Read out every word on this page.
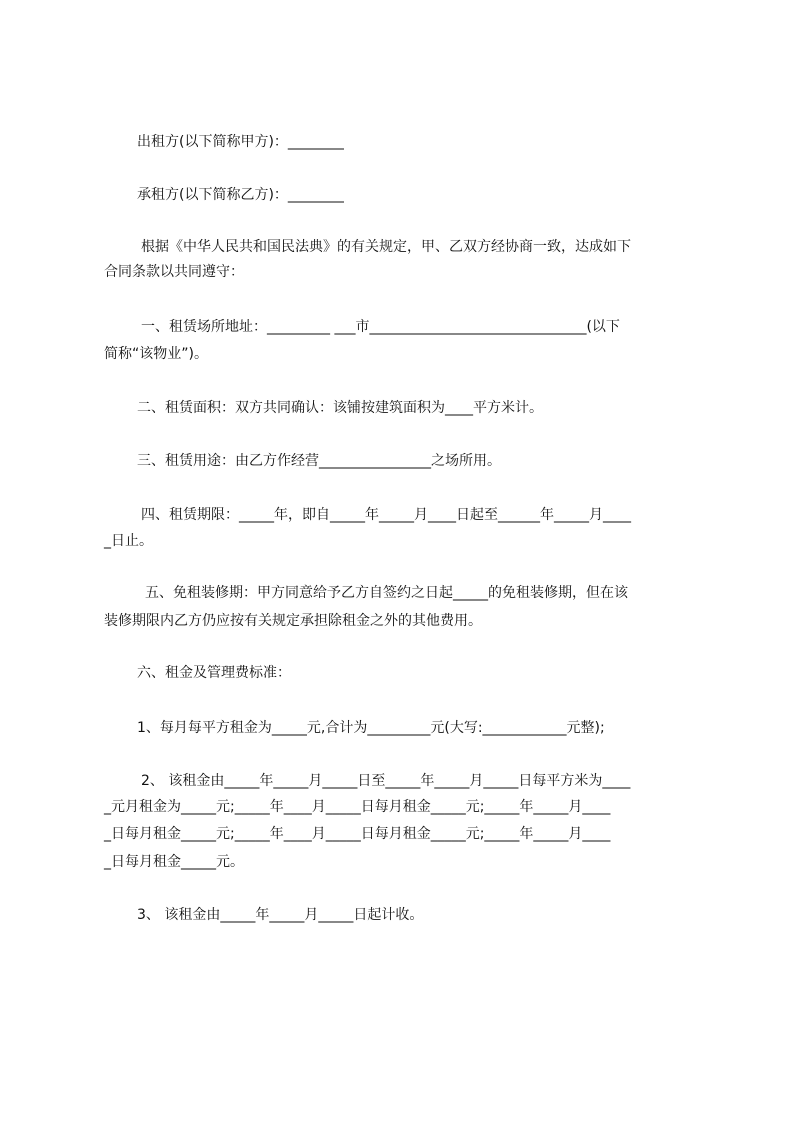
出租方(以下简称甲方)：________
承租方(以下简称乙方)：________
根据《中华人民共和国民法典》的有关规定，甲、乙双方经协商一致，达成如下
合同条款以共同遵守：
一、租赁场所地址：_________ ___市_______________________________(以下
简称“该物业”)。
二、租赁面积：双方共同确认：该铺按建筑面积为____平方米计。
三、租赁用途：由乙方作经营________________之场所用。
四、租赁期限：_____年，即自_____年_____月____日起至______年_____月____
_日止。
五、免租装修期：甲方同意给予乙方自签约之日起_____的免租装修期，但在该
装修期限内乙方仍应按有关规定承担除租金之外的其他费用。
六、租金及管理费标准：
1、每月每平方租金为_____元,合计为_________元(大写:____________元整);
2、 该租金由_____年_____月_____日至_____年_____月_____日每平方米为____
_元月租金为_____元;_____年____月_____日每月租金_____元;_____年_____月____
_日每月租金_____元;_____年____月_____日每月租金_____元;_____年_____月____
_日每月租金_____元。
3、 该租金由_____年_____月_____日起计收。
